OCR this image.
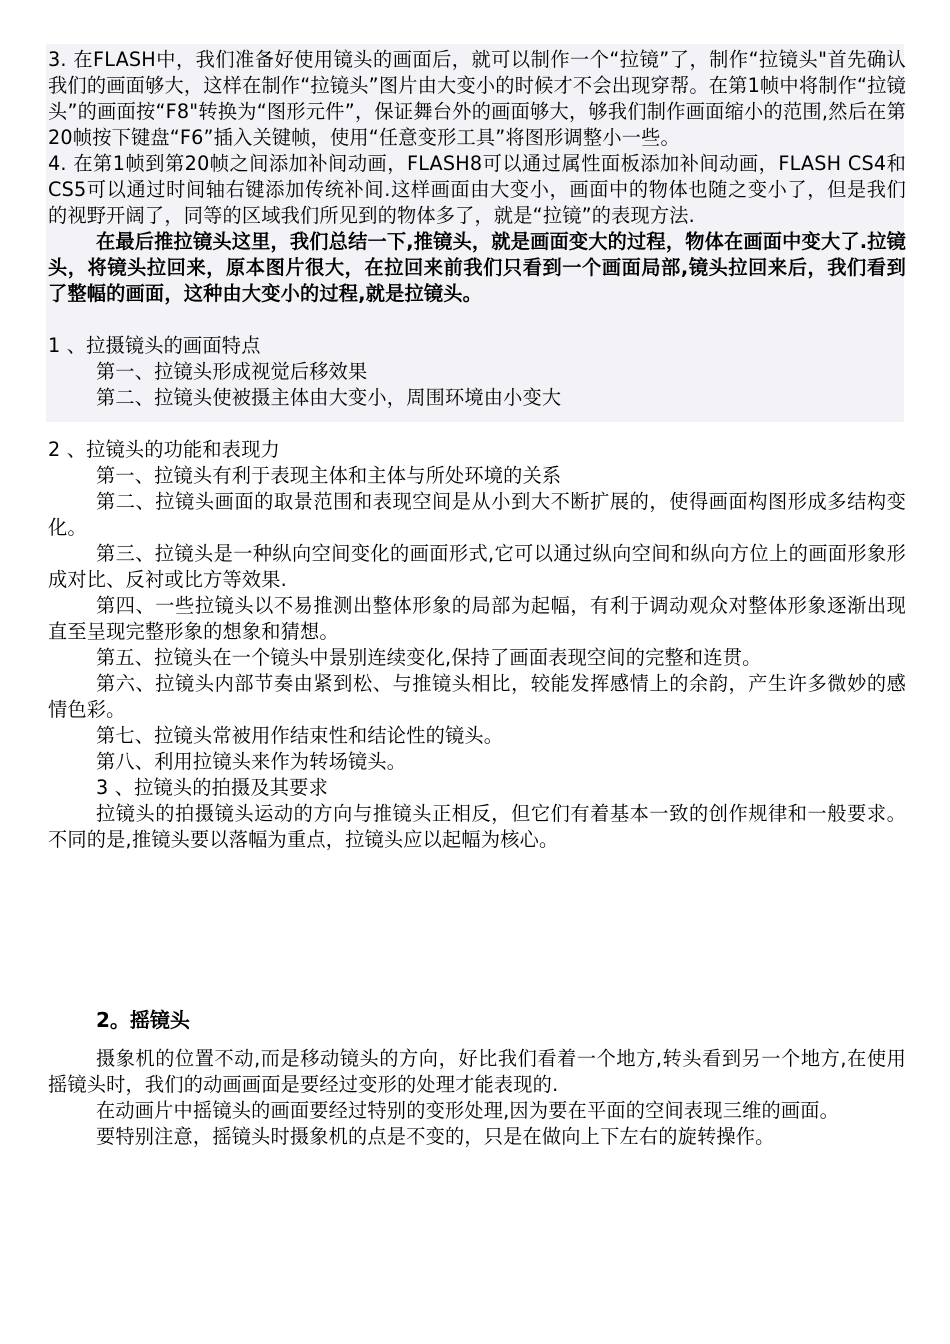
3. 在FLASH中，我们准备好使用镜头的画面后，就可以制作一个“拉镜”了，制作“拉镜头"首先确认我们的画面够大，这样在制作“拉镜头”图片由大变小的时候才不会出现穿帮。在第1帧中将制作“拉镜头”的画面按“F8"转换为“图形元件”，保证舞台外的画面够大，够我们制作画面缩小的范围,然后在第20帧按下键盘“F6”插入关键帧，使用“任意变形工具”将图形调整小一些。

4. 在第1帧到第20帧之间添加补间动画，FLASH8可以通过属性面板添加补间动画，FLASH CS4和CS5可以通过时间轴右键添加传统补间.这样画面由大变小，画面中的物体也随之变小了，但是我们的视野开阔了，同等的区域我们所见到的物体多了，就是“拉镜”的表现方法.

在最后推拉镜头这里，我们总结一下,推镜头，就是画面变大的过程，物体在画面中变大了.拉镜头，将镜头拉回来，原本图片很大，在拉回来前我们只看到一个画面局部,镜头拉回来后，我们看到了整幅的画面，这种由大变小的过程,就是拉镜头。

1 、拉摄镜头的画面特点

第一、拉镜头形成视觉后移效果

第二、拉镜头使被摄主体由大变小，周围环境由小变大

2 、拉镜头的功能和表现力

第一、拉镜头有利于表现主体和主体与所处环境的关系

第二、拉镜头画面的取景范围和表现空间是从小到大不断扩展的，使得画面构图形成多结构变化。

第三、拉镜头是一种纵向空间变化的画面形式,它可以通过纵向空间和纵向方位上的画面形象形成对比、反衬或比方等效果.

第四、一些拉镜头以不易推测出整体形象的局部为起幅，有利于调动观众对整体形象逐渐出现直至呈现完整形象的想象和猜想。

第五、拉镜头在一个镜头中景别连续变化,保持了画面表现空间的完整和连贯。

第六、拉镜头内部节奏由紧到松、与推镜头相比，较能发挥感情上的余韵，产生许多微妙的感情色彩。

第七、拉镜头常被用作结束性和结论性的镜头。

第八、利用拉镜头来作为转场镜头。

3 、拉镜头的拍摄及其要求

拉镜头的拍摄镜头运动的方向与推镜头正相反，但它们有着基本一致的创作规律和一般要求。不同的是,推镜头要以落幅为重点，拉镜头应以起幅为核心。

2。摇镜头

摄象机的位置不动,而是移动镜头的方向，好比我们看着一个地方,转头看到另一个地方,在使用摇镜头时，我们的动画画面是要经过变形的处理才能表现的.

在动画片中摇镜头的画面要经过特别的变形处理,因为要在平面的空间表现三维的画面。

要特别注意，摇镜头时摄象机的点是不变的，只是在做向上下左右的旋转操作。
